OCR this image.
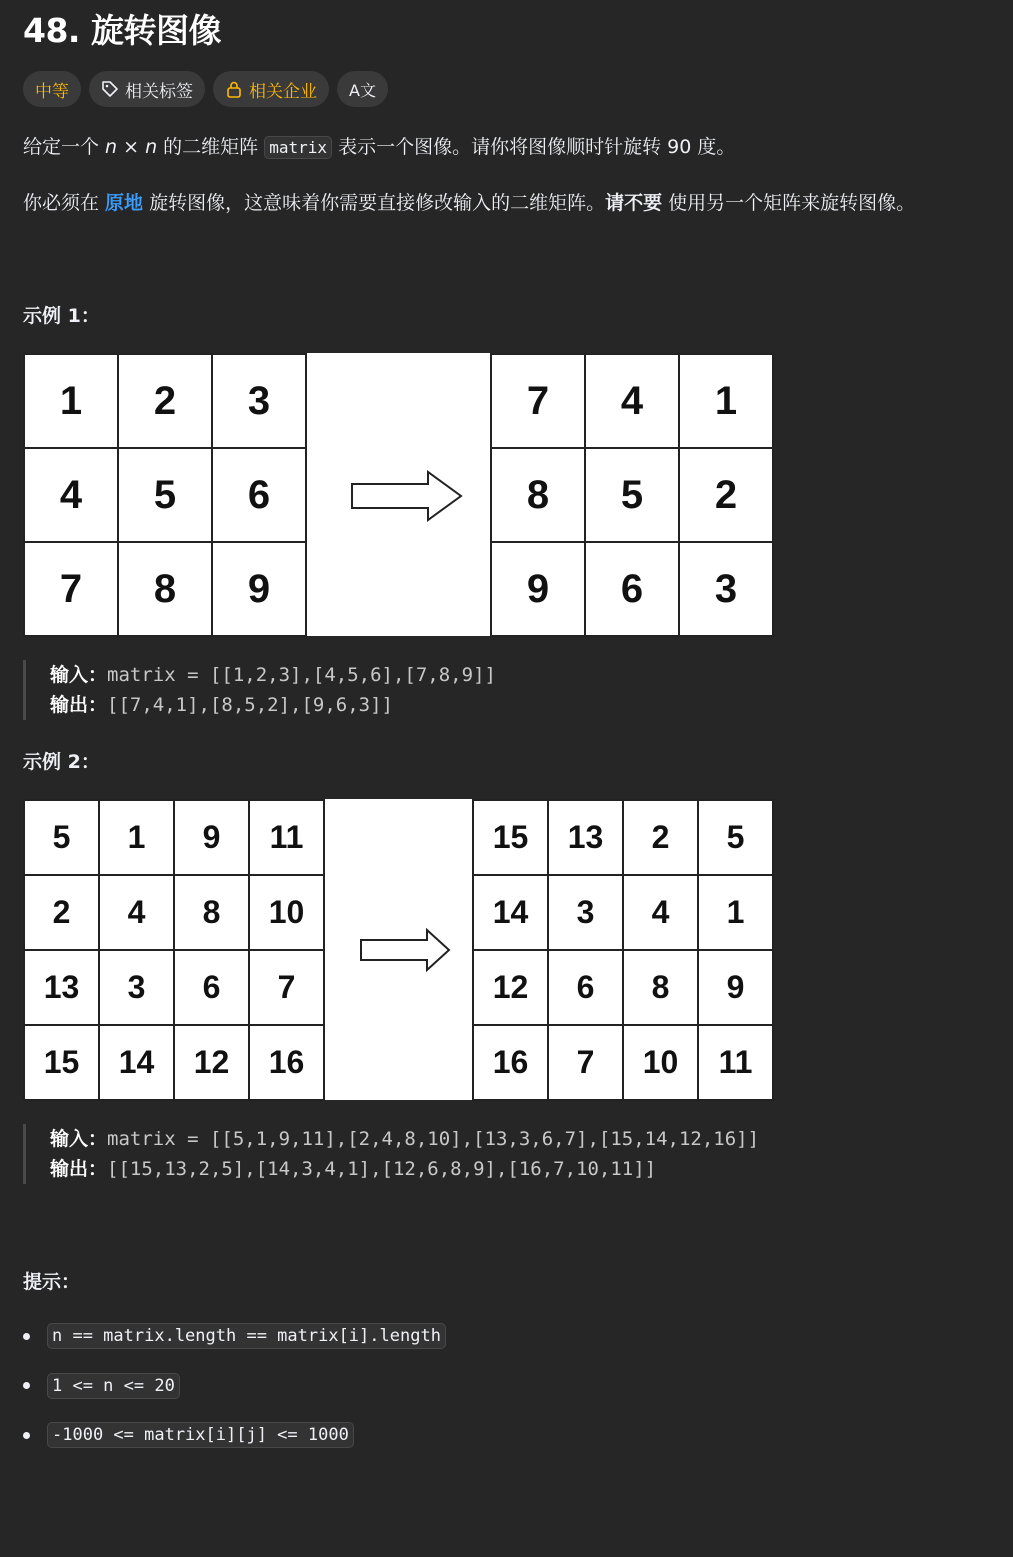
48. 旋转图像
中等	相关标签	相关企业 A文
给定一个 n × n 的二维矩阵 matrix 表示一个图像。请你将图像顺时针旋转 90 度。
你必须在 原地 旋转图像，这意味着你需要直接修改输入的二维矩阵。请不要 使用另一个矩阵来旋转图像。
示例 1：
1	2	3
4	5	6
7	8	9
7	4	1
8	5	2
9	6	3
输入：matrix = [[1,2,3],[4,5,6],[7,8,9]]
输出：[[7,4,1],[8,5,2],[9,6,3]]
示例 2：
5	1	9	11
2	4	8	10
13	3	6	7
15	14	12	16
15	13	2	5
14	3	4	1
12	6	8	9
16	7	10	11
输入：matrix = [[5,1,9,11],[2,4,8,10],[13,3,6,7],[15,14,12,16]]
输出：[[15,13,2,5],[14,3,4,1],[12,6,8,9],[16,7,10,11]]
提示：
n == matrix.length == matrix[i].length
1 <= n <= 20
-1000 <= matrix[i][j] <= 1000
